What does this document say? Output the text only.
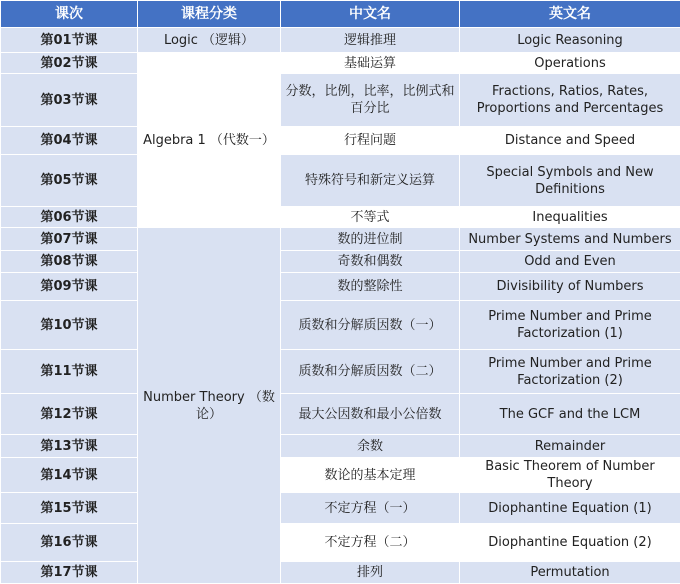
课次	课程分类	中文名	英文名
第01节课	Logic （逻辑）	逻辑推理	Logic Reasoning
第02节课	Algebra 1 （代数一）	基础运算	Operations
第03节课		分数，比例，比率，比例式和百分比	Fractions, Ratios, Rates, Proportions and Percentages
第04节课		行程问题	Distance and Speed
第05节课		特殊符号和新定义运算	Special Symbols and New Definitions
第06节课		不等式	Inequalities
第07节课	Number Theory （数论）	数的进位制	Number Systems and Numbers
第08节课		奇数和偶数	Odd and Even
第09节课		数的整除性	Divisibility of Numbers
第10节课		质数和分解质因数（一）	Prime Number and Prime Factorization (1)
第11节课		质数和分解质因数（二）	Prime Number and Prime Factorization (2)
第12节课		最大公因数和最小公倍数	The GCF and the LCM
第13节课		余数	Remainder
第14节课		数论的基本定理	Basic Theorem of Number Theory
第15节课		不定方程（一）	Diophantine Equation (1)
第16节课		不定方程（二）	Diophantine Equation (2)
第17节课		排列	Permutation
